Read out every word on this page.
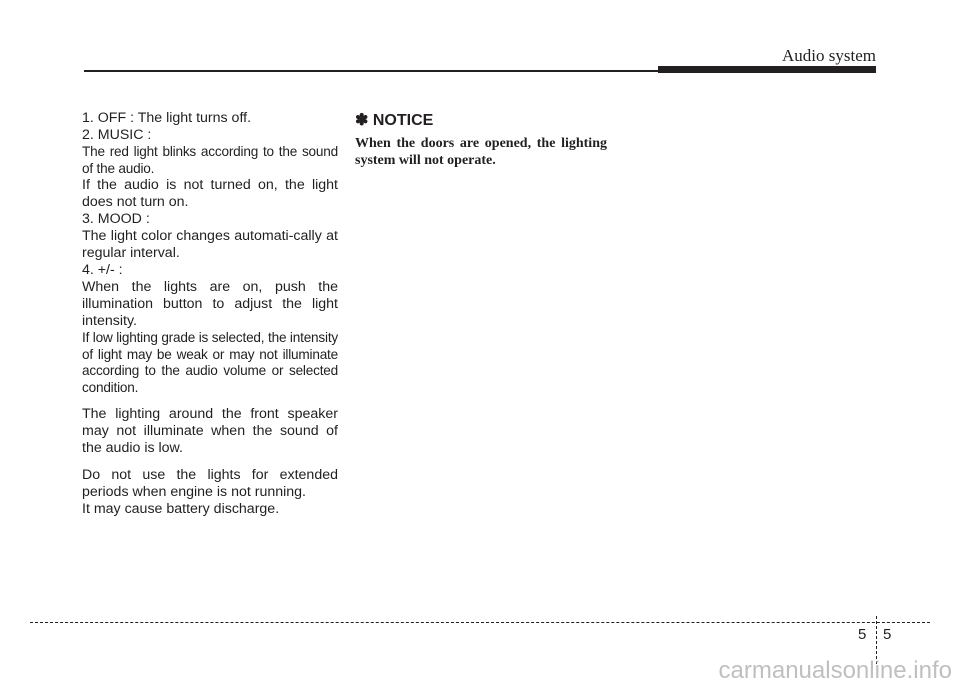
Audio system

1. OFF : The light turns off.

2. MUSIC :

The red light blinks according to the sound of the audio.

If the audio is not turned on, the light does not turn on.

3. MOOD :

The light color changes automati-cally at regular interval.

4. +/- :

When the lights are on, push the illumination button to adjust the light intensity.

If low lighting grade is selected, the intensity of light may be weak or may not illuminate according to the audio volume or selected condition.

The lighting around the front speaker may not illuminate when the sound of the audio is low.

Do not use the lights for extended periods when engine is not running.

It may cause battery discharge.

✽ NOTICE

When the doors are opened, the lighting system will not operate.

5 5
carmanualsonline.info
